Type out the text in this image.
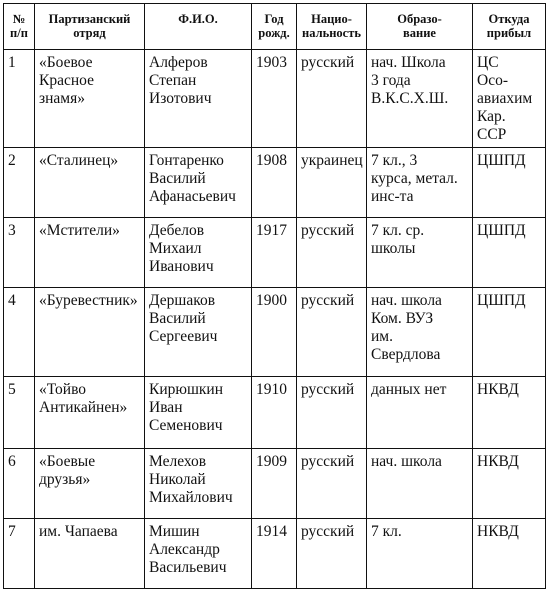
№
п/п	Партизанский
отряд	Ф.И.О.	Год
рожд.	Нацио-
нальность	Образо-
вание	Откуда
прибыл

1	«Боевое
Красное
знамя»	Алферов
Степан
Изотович	1903	русский	нач. Школа
3 года
В.К.С.Х.Ш.	ЦС
Осо-
авиахим
Кар.
ССР

2	«Сталинец»	Гонтаренко
Василий
Афанасьевич	1908	украинец	7 кл., 3
курса, метал.
инс-та	ЦШПД

3	«Мстители»	Дебелов
Михаил
Иванович	1917	русский	7 кл. ср.
школы	ЦШПД

4	«Буревестник»	Дершаков
Василий
Сергеевич	1900	русский	нач. школа
Ком. ВУЗ
им.
Свердлова	ЦШПД

5	«Тойво
Антикайнен»	Кирюшкин
Иван
Семенович	1910	русский	данных нет	НКВД

6	«Боевые
друзья»	Мелехов
Николай
Михайлович	1909	русский	нач. школа	НКВД

7	им. Чапаева	Мишин
Александр
Васильевич	1914	русский	7 кл.	НКВД
